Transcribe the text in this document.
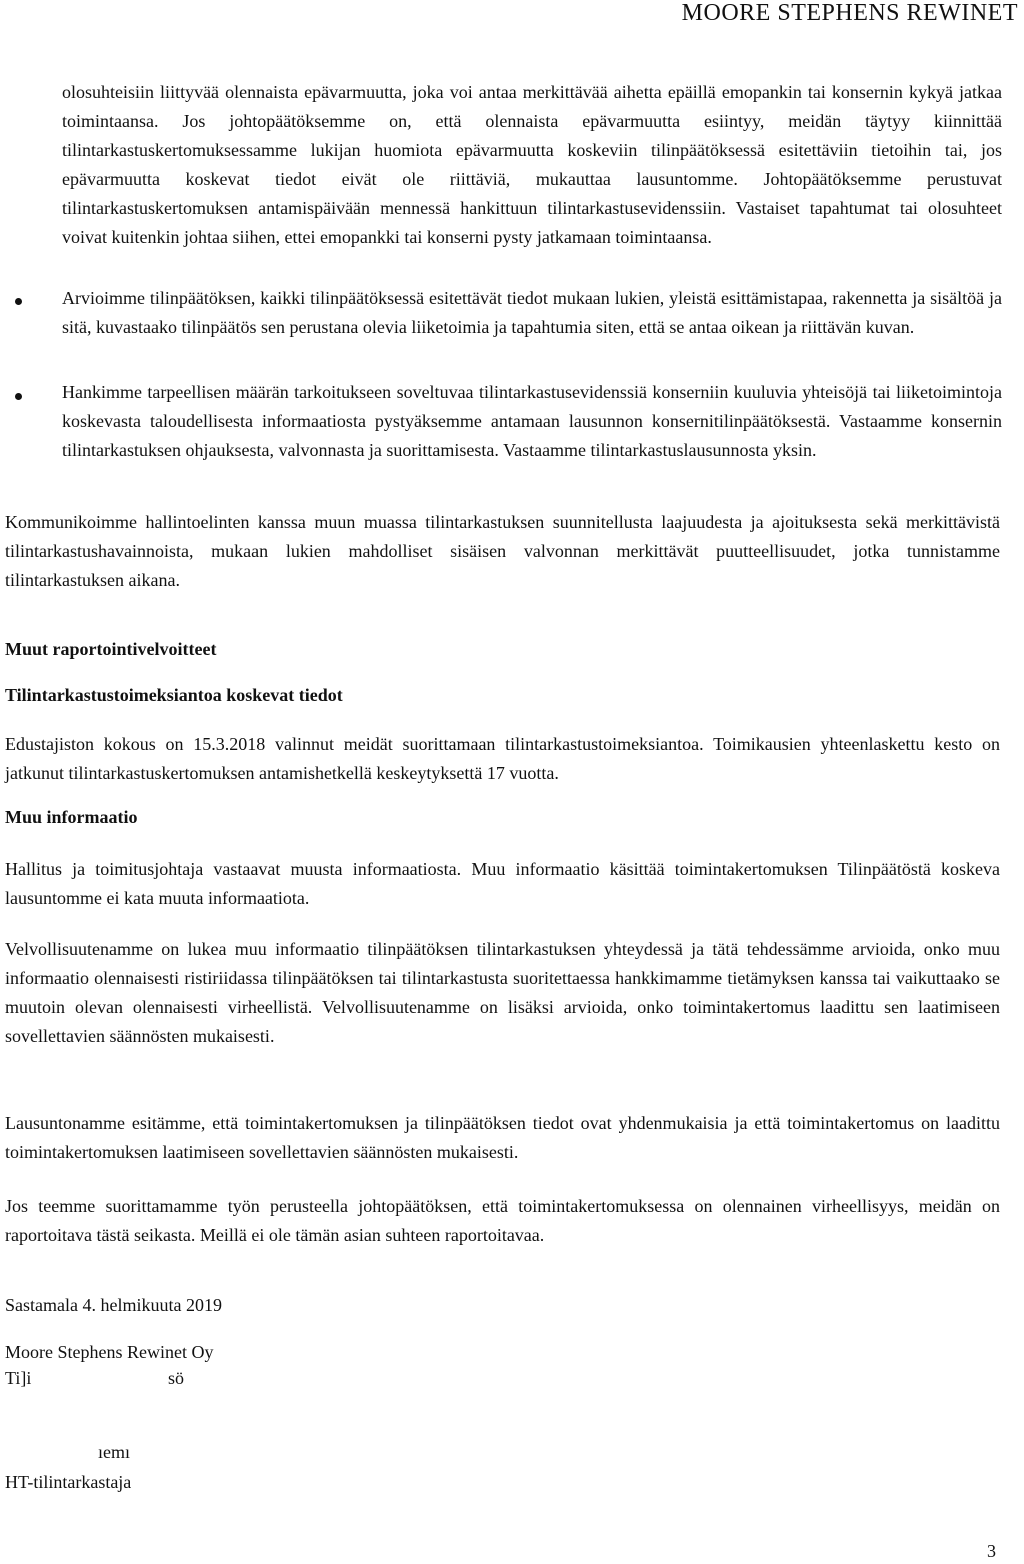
MOORE STEPHENS REWINET

olosuhteisiin liittyvää olennaista epävarmuutta, joka voi antaa merkittävää aihetta epäillä emopankin tai konsernin kykyä jatkaa toimintaansa. Jos johtopäätöksemme on, että olennaista epävarmuutta esiintyy, meidän täytyy kiinnittää tilintarkastuskertomuksessamme lukijan huomiota epävarmuutta koskeviin tilinpäätöksessä esitettäviin tietoihin tai, jos epävarmuutta koskevat tiedot eivät ole riittäviä, mukauttaa lausuntomme. Johtopäätöksemme perustuvat tilintarkastuskertomuksen antamispäivään mennessä hankittuun tilintarkastusevidenssiin. Vastaiset tapahtumat tai olosuhteet voivat kuitenkin johtaa siihen, ettei emopankki tai konserni pysty jatkamaan toimintaansa.

Arvioimme tilinpäätöksen, kaikki tilinpäätöksessä esitettävät tiedot mukaan lukien, yleistä esittämistapaa, rakennetta ja sisältöä ja sitä, kuvastaako tilinpäätös sen perustana olevia liiketoimia ja tapahtumia siten, että se antaa oikean ja riittävän kuvan.

Hankimme tarpeellisen määrän tarkoitukseen soveltuvaa tilintarkastusevidenssiä konserniin kuuluvia yhteisöjä tai liiketoimintoja koskevasta taloudellisesta informaatiosta pystyäksemme antamaan lausunnon konsernitilinpäätöksestä. Vastaamme konsernin tilintarkastuksen ohjauksesta, valvonnasta ja suorittamisesta. Vastaamme tilintarkastuslausunnosta yksin.

Kommunikoimme hallintoelinten kanssa muun muassa tilintarkastuksen suunnitellusta laajuudesta ja ajoituksesta sekä merkittävistä tilintarkastushavainnoista, mukaan lukien mahdolliset sisäisen valvonnan merkittävät puutteellisuudet, jotka tunnistamme tilintarkastuksen aikana.

Muut raportointivelvoitteet
Tilintarkastustoimeksiantoa koskevat tiedot

Edustajiston kokous on 15.3.2018 valinnut meidät suorittamaan tilintarkastustoimeksiantoa. Toimikausien yhteenlaskettu kesto on jatkunut tilintarkastuskertomuksen antamishetkellä keskeytyksettä 17 vuotta.

Muu informaatio

Hallitus ja toimitusjohtaja vastaavat muusta informaatiosta. Muu informaatio käsittää toimintakertomuksen Tilinpäätöstä koskeva lausuntomme ei kata muuta informaatiota.

Velvollisuutenamme on lukea muu informaatio tilinpäätöksen tilintarkastuksen yhteydessä ja tätä tehdessämme arvioida, onko muu informaatio olennaisesti ristiriidassa tilinpäätöksen tai tilintarkastusta suoritettaessa hankkimamme tietämyksen kanssa tai vaikuttaako se muutoin olevan olennaisesti virheellistä. Velvollisuutenamme on lisäksi arvioida, onko toimintakertomus laadittu sen laatimiseen sovellettavien säännösten mukaisesti.

Lausuntonamme esitämme, että toimintakertomuksen ja tilinpäätöksen tiedot ovat yhdenmukaisia ja että toimintakertomus on laadittu toimintakertomuksen laatimiseen sovellettavien säännösten mukaisesti.

Jos teemme suorittamamme työn perusteella johtopäätöksen, että toimintakertomuksessa on olennainen virheellisyys, meidän on raportoitava tästä seikasta. Meillä ei ole tämän asian suhteen raportoitavaa.

Sastamala 4. helmikuuta 2019
Moore Stephens Rewinet Oy
Ti]i	sö
ıemı
HT-tilintarkastaja
3
